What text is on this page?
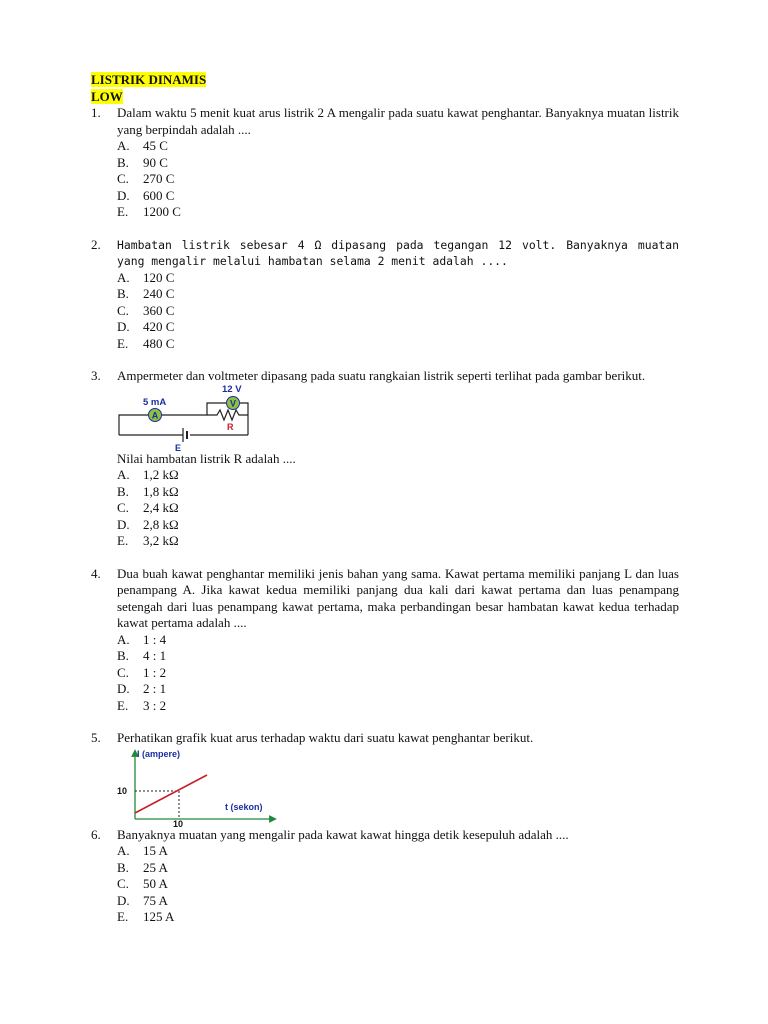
LISTRIK DINAMIS
LOW
1. Dalam waktu 5 menit kuat arus listrik 2 A mengalir pada suatu kawat penghantar. Banyaknya muatan listrik yang berpindah adalah ....
A.	45 C
B.	90 C
C.	270 C
D.	600 C
E.	1200 C
2. Hambatan listrik sebesar 4 Ω dipasang pada tegangan 12 volt. Banyaknya muatan yang mengalir melalui hambatan selama 2 menit adalah ....
A.	120 C
B.	240 C
C.	360 C
D.	420 C
E.	480 C
3. Ampermeter dan voltmeter dipasang pada suatu rangkaian listrik seperti terlihat pada gambar berikut.
A
V
5 mA
12 V
R
E
Nilai hambatan listrik R adalah ....
A.	1,2 kΩ
B.	1,8 kΩ
C.	2,4 kΩ
D.	2,8 kΩ
E.	3,2 kΩ
4. Dua buah kawat penghantar memiliki jenis bahan yang sama. Kawat pertama memiliki panjang L dan luas penampang A. Jika kawat kedua memiliki panjang dua kali dari kawat pertama dan luas penampang setengah dari luas penampang kawat pertama, maka perbandingan besar hambatan kawat kedua terhadap kawat pertama adalah ....
A.	1 : 4
B.	4 : 1
C.	1 : 2
D.	2 : 1
E.	3 : 2
5. Perhatikan grafik kuat arus terhadap waktu dari suatu kawat penghantar berikut.
I (ampere)
t (sekon)
10
10
6. Banyaknya muatan yang mengalir pada kawat kawat hingga detik kesepuluh adalah ....
A.	15 A
B.	25 A
C.	50 A
D.	75 A
E.	125 A
